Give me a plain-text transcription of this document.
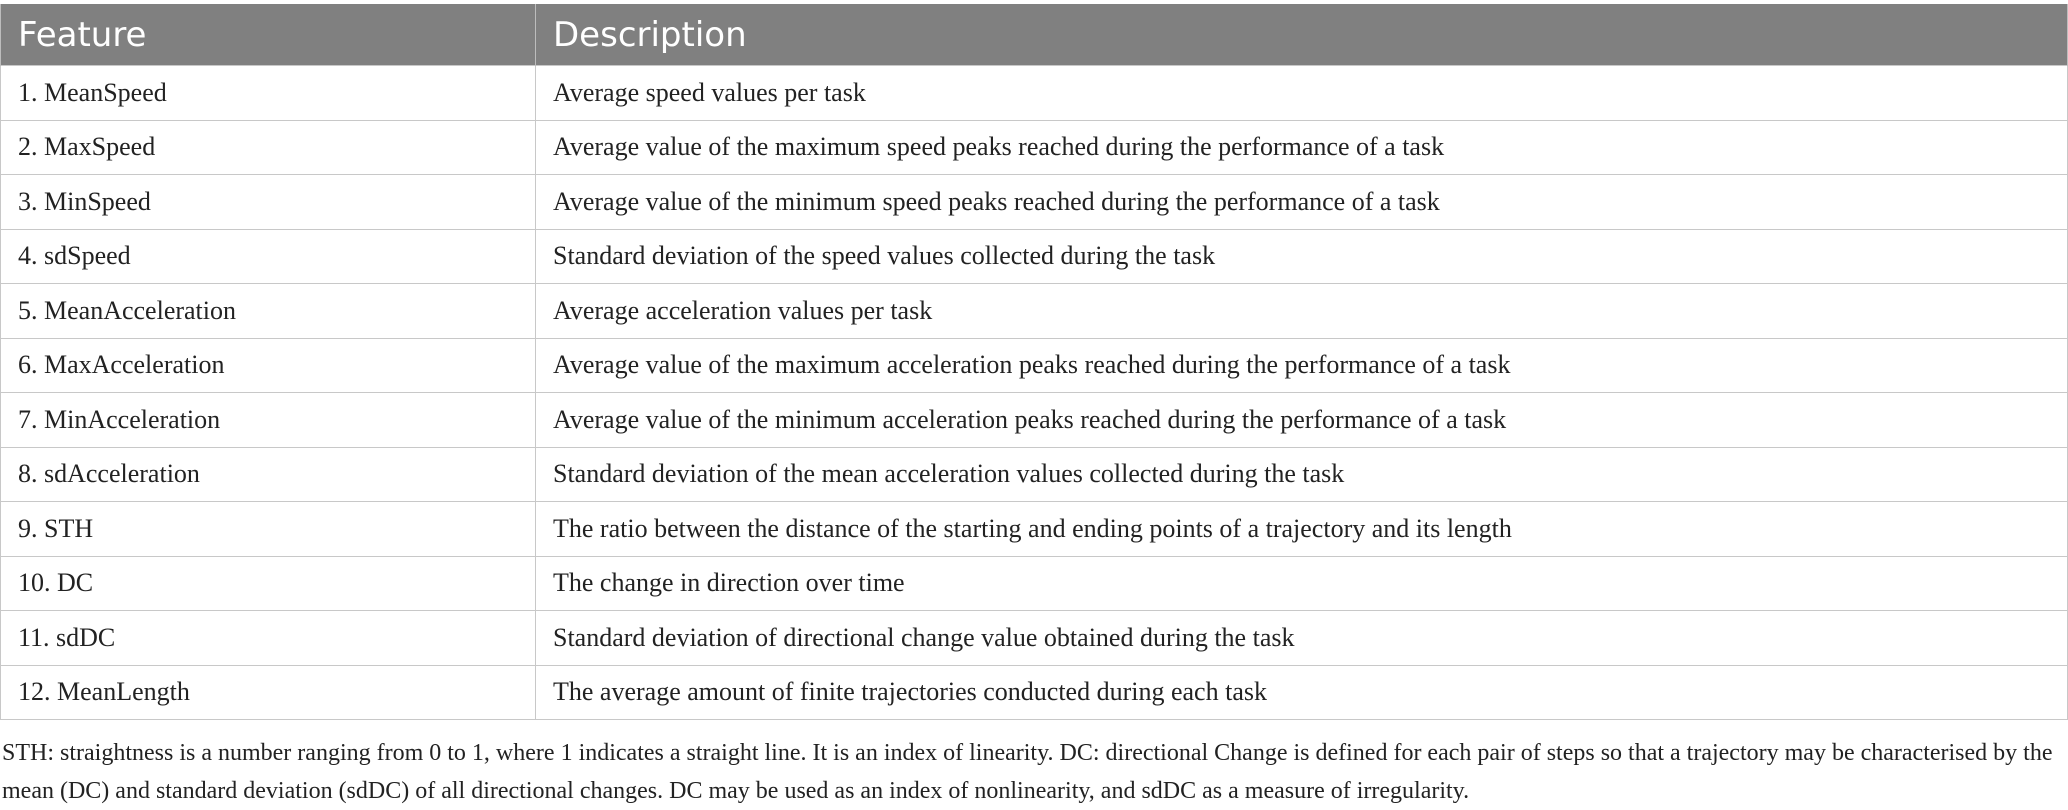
Feature	Description
1. MeanSpeed	Average speed values per task
2. MaxSpeed	Average value of the maximum speed peaks reached during the performance of a task
3. MinSpeed	Average value of the minimum speed peaks reached during the performance of a task
4. sdSpeed	Standard deviation of the speed values collected during the task
5. MeanAcceleration	Average acceleration values per task
6. MaxAcceleration	Average value of the maximum acceleration peaks reached during the performance of a task
7. MinAcceleration	Average value of the minimum acceleration peaks reached during the performance of a task
8. sdAcceleration	Standard deviation of the mean acceleration values collected during the task
9. STH	The ratio between the distance of the starting and ending points of a trajectory and its length
10. DC	The change in direction over time
11. sdDC	Standard deviation of directional change value obtained during the task
12. MeanLength	The average amount of finite trajectories conducted during each task
STH: straightness is a number ranging from 0 to 1, where 1 indicates a straight line. It is an index of linearity. DC: directional Change is defined for each pair of steps so that a trajectory may be characterised by the mean (DC) and standard deviation (sdDC) of all directional changes. DC may be used as an index of nonlinearity, and sdDC as a measure of irregularity.
